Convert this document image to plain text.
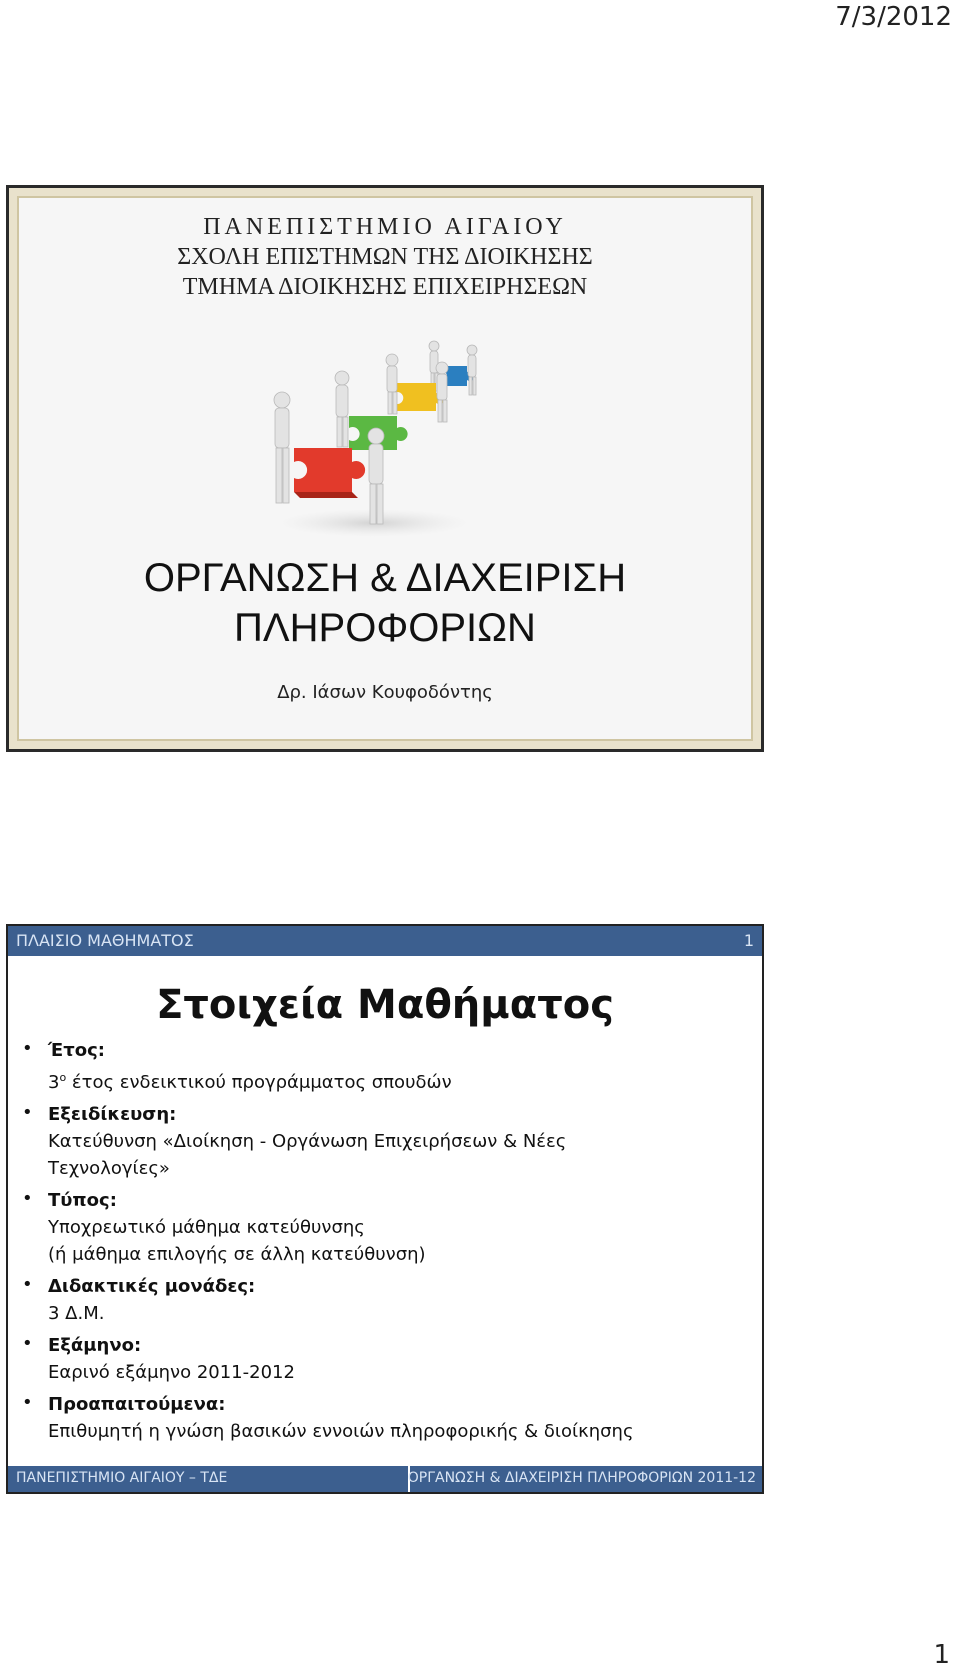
7/3/2012
ΠΑΝΕΠΙΣΤΗΜΙΟ ΑΙΓΑΙΟΥ
ΣΧΟΛΗ ΕΠΙΣΤΗΜΩΝ ΤΗΣ ΔΙΟΙΚΗΣΗΣ
ΤΜΗΜΑ ΔΙΟΙΚΗΣΗΣ ΕΠΙΧΕΙΡΗΣΕΩΝ
ΟΡΓΑΝΩΣΗ & ΔΙΑΧΕΙΡΙΣΗ
ΠΛΗΡΟΦΟΡΙΩΝ
Δρ. Ιάσων Κουφοδόντης
ΠΛΑΙΣΙΟ ΜΑΘΗΜΑΤΟΣ	1
Στοιχεία Μαθήματος
• Έτος:
$3^o$ έτος ενδεικτικού προγράμματος σπουδών
• Εξειδίκευση:
Κατεύθυνση «Διοίκηση - Οργάνωση Επιχειρήσεων & Νέες
Τεχνολογίες»
• Τύπος:
Υποχρεωτικό μάθημα κατεύθυνσης
(ή μάθημα επιλογής σε άλλη κατεύθυνση)
• Διδακτικές μονάδες:
3 Δ.Μ.
• Εξάμηνο:
Εαρινό εξάμηνο 2011-2012
• Προαπαιτούμενα:
Επιθυμητή η γνώση βασικών εννοιών πληροφορικής & διοίκησης
ΠΑΝΕΠΙΣΤΗΜΙΟ ΑΙΓΑΙΟΥ – ΤΔΕ	ΟΡΓΑΝΩΣΗ & ΔΙΑΧΕΙΡΙΣΗ ΠΛΗΡΟΦΟΡΙΩΝ 2011-12
1
